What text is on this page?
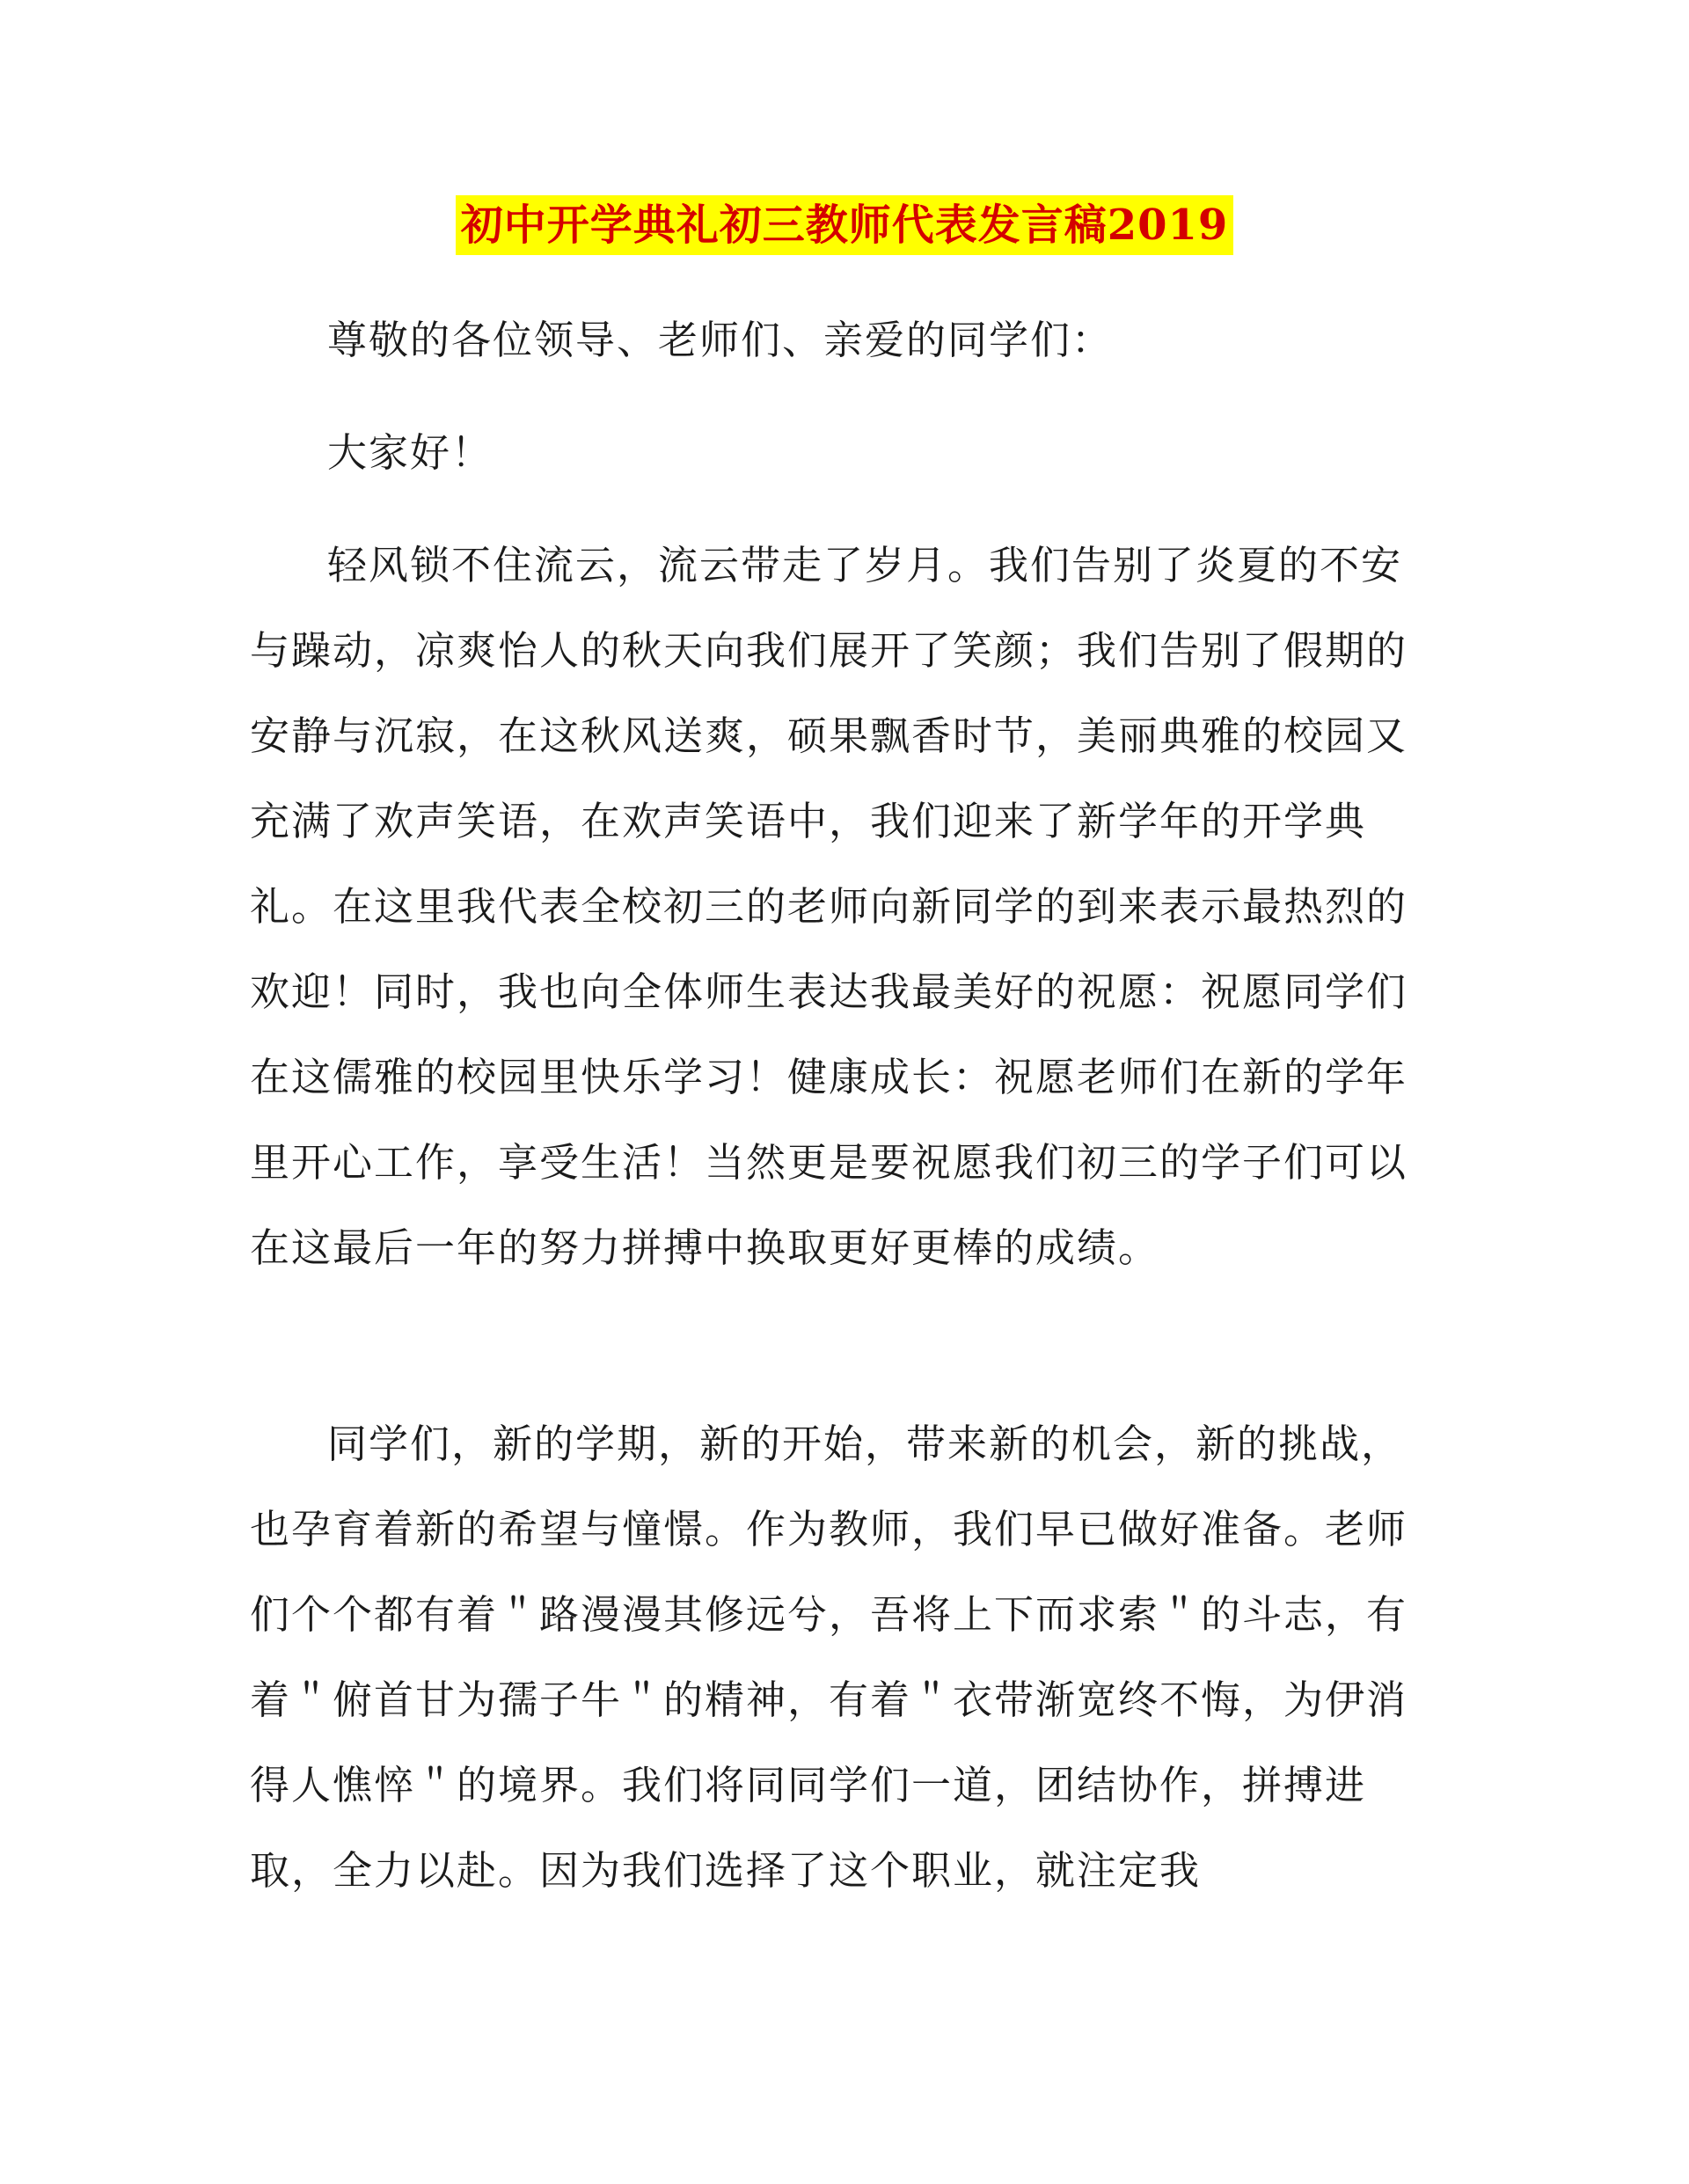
初中开学典礼初三教师代表发言稿2019

尊敬的各位领导、老师们、亲爱的同学们：

大家好！

轻风锁不住流云，流云带走了岁月。我们告别了炎夏的不安与躁动，凉爽怡人的秋天向我们展开了笑颜；我们告别了假期的安静与沉寂，在这秋风送爽，硕果飘香时节，美丽典雅的校园又充满了欢声笑语，在欢声笑语中，我们迎来了新学年的开学典礼。在这里我代表全校初三的老师向新同学的到来表示最热烈的欢迎！同时，我也向全体师生表达我最美好的祝愿：祝愿同学们在这儒雅的校园里快乐学习！健康成长：祝愿老师们在新的学年里开心工作，享受生活！当然更是要祝愿我们初三的学子们可以在这最后一年的努力拼搏中换取更好更棒的成绩。

同学们，新的学期，新的开始，带来新的机会，新的挑战，也孕育着新的希望与憧憬。作为教师，我们早已做好准备。老师们个个都有着＂路漫漫其修远兮，吾将上下而求索＂的斗志，有着＂俯首甘为孺子牛＂的精神，有着＂衣带渐宽终不悔，为伊消得人憔悴＂的境界。我们将同同学们一道，团结协作，拼搏进取，全力以赴。因为我们选择了这个职业，就注定我
